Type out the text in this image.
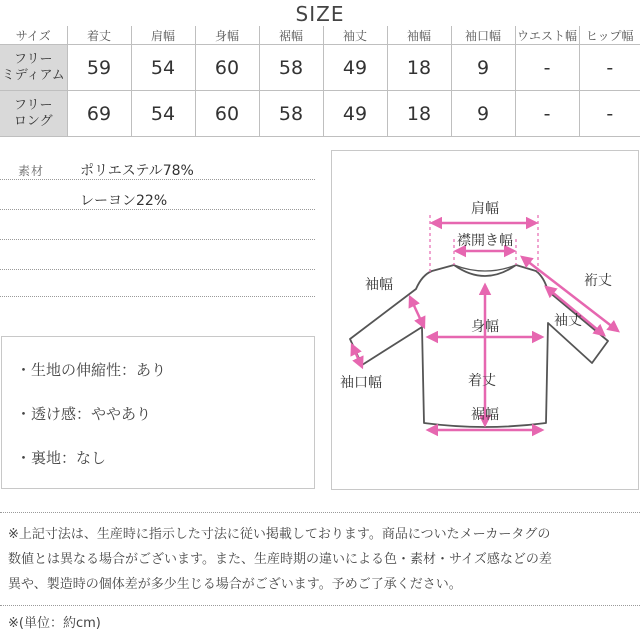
SIZE
サイズ	着丈	肩幅	身幅	裾幅	袖丈	袖幅	袖口幅	ウエスト幅	ヒップ幅
フリー
ミディアム	59	54	60	58	49	18	9	-	-
フリー
ロング	69	54	60	58	49	18	9	-	-
素材	ポリエステル78%
レーヨン22%
・生地の伸縮性：あり
・透け感：ややあり
・裏地：なし
肩幅
襟開き幅
袖幅	裄丈
袖丈
身幅
袖口幅	着丈
裾幅
※上記寸法は、生産時に指示した寸法に従い掲載しております。商品についたメーカータグの
数値とは異なる場合がございます。また、生産時期の違いによる色・素材・サイズ感などの差
異や、製造時の個体差が多少生じる場合がございます。予めご了承ください。
※(単位：約cm)
